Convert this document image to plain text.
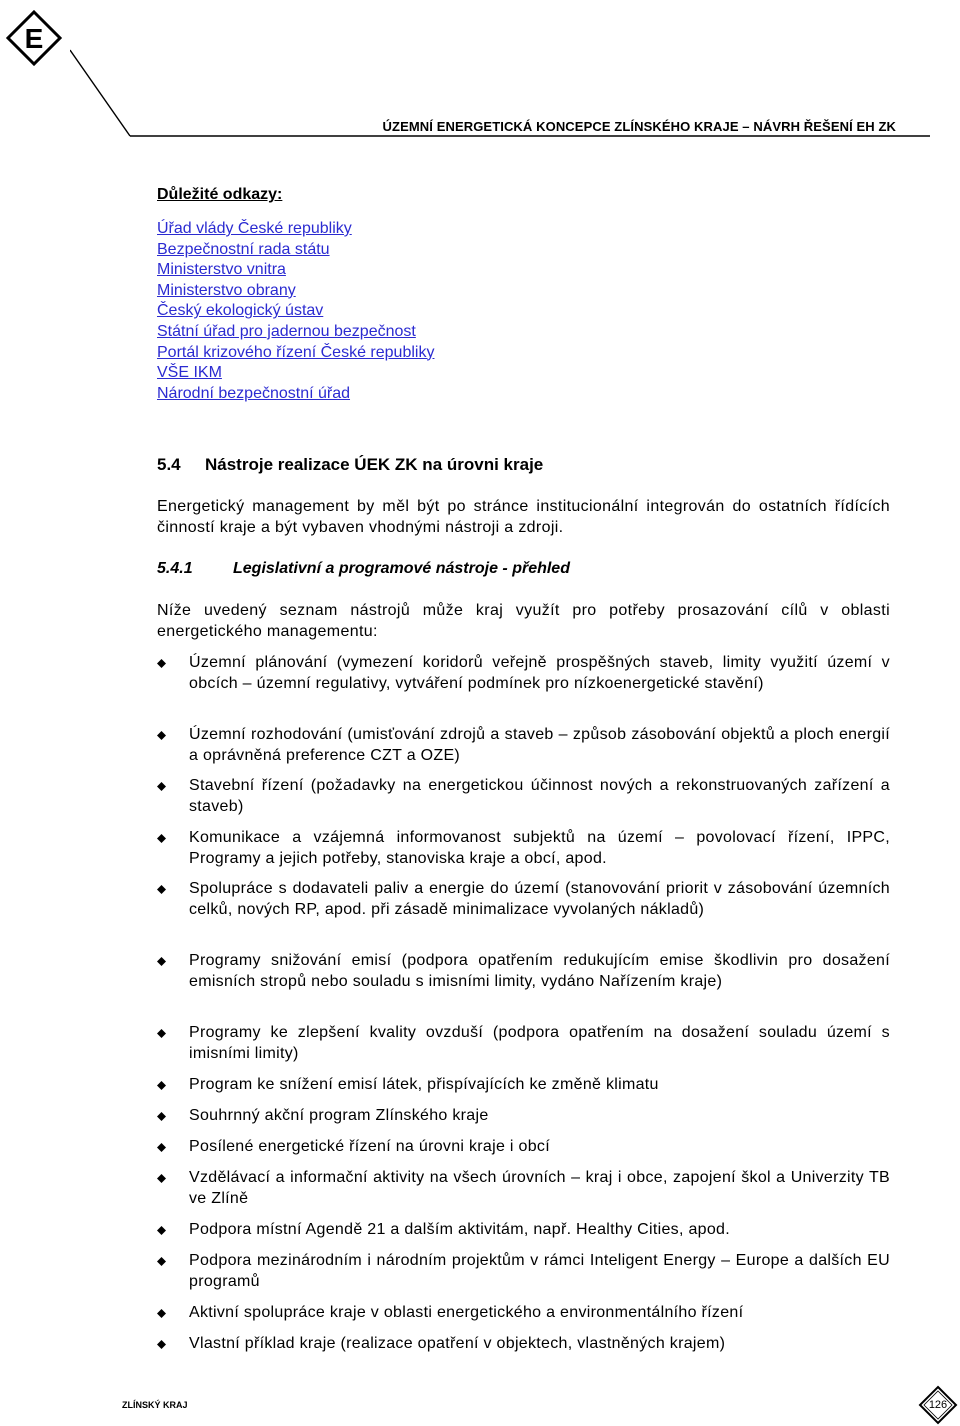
E
ÚZEMNÍ ENERGETICKÁ KONCEPCE ZLÍNSKÉHO KRAJE – NÁVRH ŘEŠENÍ EH ZK
Důležité odkazy:
Úřad vlády České republiky
Bezpečnostní rada státu
Ministerstvo vnitra
Ministerstvo obrany
Český ekologický ústav
Státní úřad pro jadernou bezpečnost
Portál krizového řízení České republiky
VŠE IKM
Národní bezpečnostní úřad
5.4 Nástroje realizace ÚEK ZK na úrovni kraje

Energetický management by měl být po stránce institucionální integrován do ostatních řídících činností kraje a být vybaven vhodnými nástroji a zdroji.

5.4.1	Legislativní a programové nástroje - přehled

Níže uvedený seznam nástrojů může kraj využít pro potřeby prosazování cílů v oblasti energetického managementu:

Územní plánování (vymezení koridorů veřejně prospěšných staveb, limity využití území v obcích – územní regulativy, vytváření podmínek pro nízkoenergetické stavění)
Územní rozhodování (umisťování zdrojů a staveb – způsob zásobování objektů a ploch energií a oprávněná preference CZT a OZE)
Stavební řízení (požadavky na energetickou účinnost nových a rekonstruovaných zařízení a staveb)
Komunikace a vzájemná informovanost subjektů na území – povolovací řízení, IPPC, Programy a jejich potřeby, stanoviska kraje a obcí, apod.
Spolupráce s dodavateli paliv a energie do území (stanovování priorit v zásobování územních celků, nových RP, apod. při zásadě minimalizace vyvolaných nákladů)
Programy snižování emisí (podpora opatřením redukujícím emise škodlivin pro dosažení emisních stropů nebo souladu s imisními limity, vydáno Nařízením kraje)
Programy ke zlepšení kvality ovzduší (podpora opatřením na dosažení souladu území s imisními limity)
Program ke snížení emisí látek, přispívajících ke změně klimatu
Souhrnný akční program Zlínského kraje
Posílené energetické řízení na úrovni kraje i obcí
Vzdělávací a informační aktivity na všech úrovních – kraj i obce, zapojení škol a Univerzity TB ve Zlíně
Podpora místní Agendě 21 a dalším aktivitám, např. Healthy Cities, apod.
Podpora mezinárodním i národním projektům v rámci Inteligent Energy – Europe a dalších EU programů
Aktivní spolupráce kraje v oblasti energetického a environmentálního řízení
Vlastní příklad kraje (realizace opatření v objektech, vlastněných krajem)
ZLÍNSKÝ KRAJ	126
